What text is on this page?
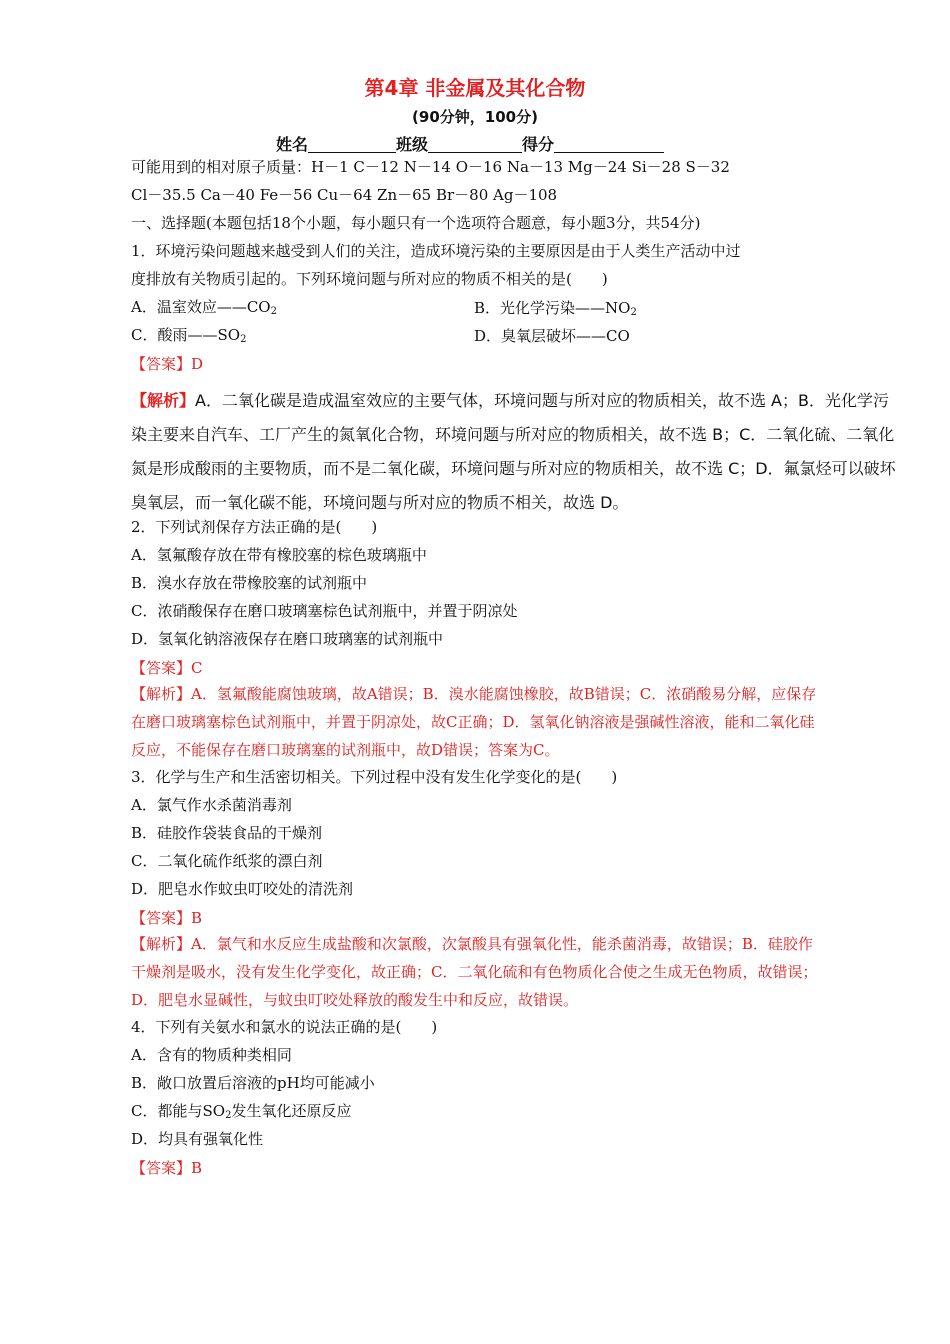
第4章 非金属及其化合物
(90分钟，100分)
姓名	班级	得分
可能用到的相对原子质量：H－1 C－12 N－14 O－16 Na－13 Mg－24 Si－28 S－32
Cl－35.5 Ca－40 Fe－56 Cu－64 Zn－65 Br－80 Ag－108
一、选择题(本题包括18个小题，每小题只有一个选项符合题意，每小题3分，共54分)
1．环境污染问题越来越受到人们的关注，造成环境污染的主要原因是由于人类生产活动中过
度排放有关物质引起的。下列环境问题与所对应的物质不相关的是(　　)
A．温室效应$——CO_2$	B．光化学污染$——NO_2$
C．酸雨$——SO_2$	D．臭氧层破坏——CO
【答案】D
【解析】A．二氧化碳是造成温室效应的主要气体，环境问题与所对应的物质相关，故不选 A；B．光化学污染主要来自汽车、工厂产生的氮氧化合物，环境问题与所对应的物质相关，故不选 B；C．二氧化硫、二氧化氮是形成酸雨的主要物质，而不是二氧化碳，环境问题与所对应的物质相关，故不选 C；D．氟氯烃可以破坏臭氧层，而一氧化碳不能，环境问题与所对应的物质不相关，故选 D。
2．下列试剂保存方法正确的是(　　)
A．氢氟酸存放在带有橡胶塞的棕色玻璃瓶中
B．溴水存放在带橡胶塞的试剂瓶中
C．浓硝酸保存在磨口玻璃塞棕色试剂瓶中，并置于阴凉处
D．氢氧化钠溶液保存在磨口玻璃塞的试剂瓶中
【答案】C
【解析】A．氢氟酸能腐蚀玻璃，故A错误；B．溴水能腐蚀橡胶，故B错误；C．浓硝酸易分解，应保存在磨口玻璃塞棕色试剂瓶中，并置于阴凉处，故C正确；D．氢氧化钠溶液是强碱性溶液，能和二氧化硅反应，不能保存在磨口玻璃塞的试剂瓶中，故D错误；答案为C。
3．化学与生产和生活密切相关。下列过程中没有发生化学变化的是(　　)
A．氯气作水杀菌消毒剂
B．硅胶作袋装食品的干燥剂
C．二氧化硫作纸浆的漂白剂
D．肥皂水作蚊虫叮咬处的清洗剂
【答案】B
【解析】A．氯气和水反应生成盐酸和次氯酸，次氯酸具有强氧化性，能杀菌消毒，故错误；B．硅胶作干燥剂是吸水，没有发生化学变化，故正确；C．二氧化硫和有色物质化合使之生成无色物质，故错误；D．肥皂水显碱性，与蚊虫叮咬处释放的酸发生中和反应，故错误。
4．下列有关氨水和氯水的说法正确的是(　　)
A．含有的物质种类相同
B．敞口放置后溶液的pH均可能减小
C．都能与$SO_2$发生氧化还原反应
D．均具有强氧化性
【答案】B
